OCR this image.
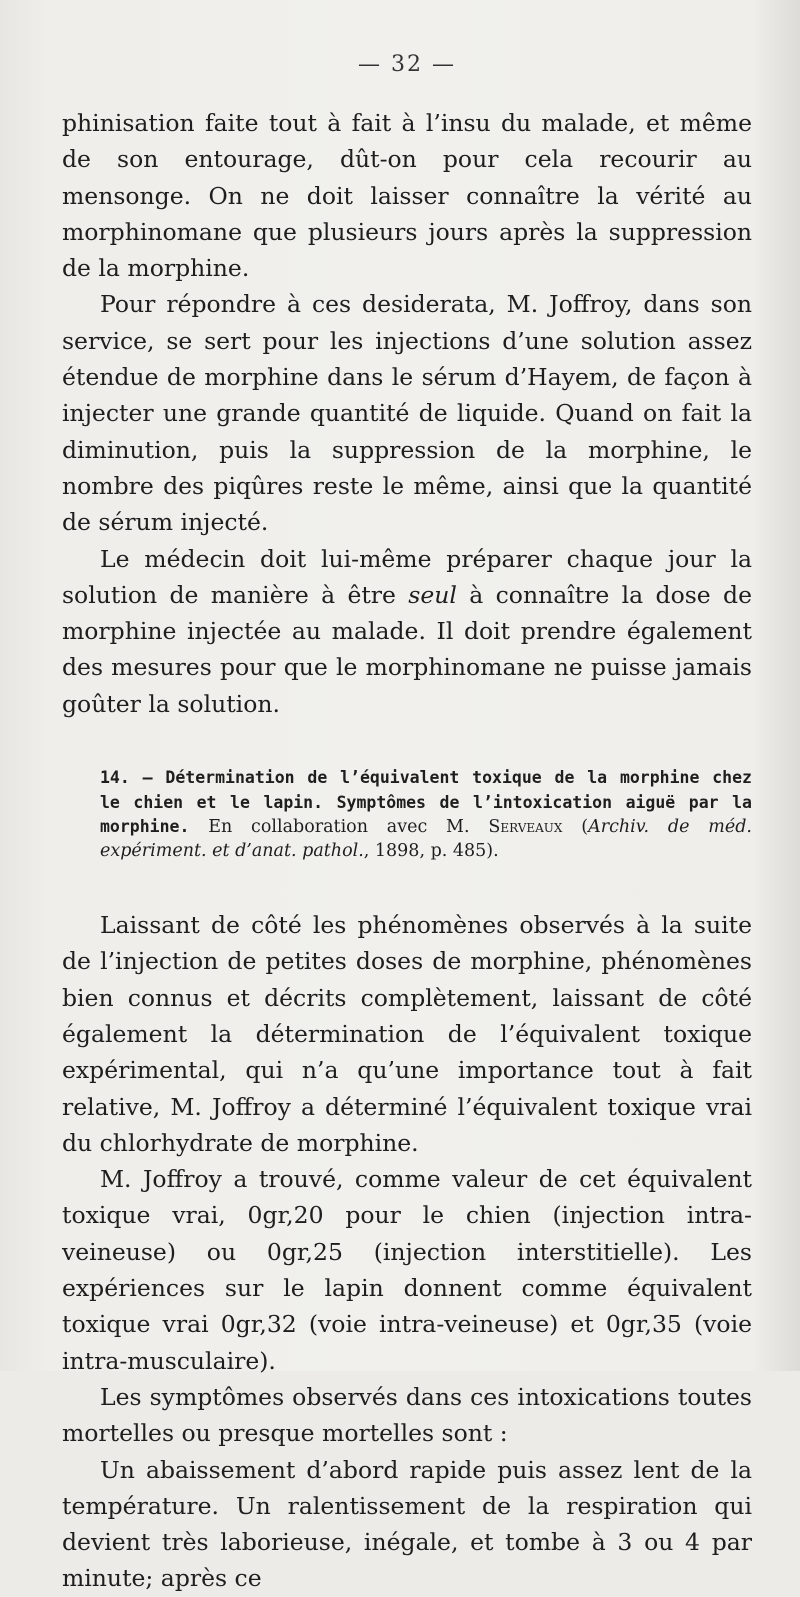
— 32 —

phinisation faite tout à fait à l’insu du malade, et même de son entourage, dût-on pour cela recourir au mensonge. On ne doit laisser connaître la vérité au morphinomane que plusieurs jours après la suppression de la morphine.

Pour répondre à ces desiderata, M. Joffroy, dans son service, se sert pour les injections d’une solution assez étendue de morphine dans le sérum d’Hayem, de façon à injecter une grande quantité de liquide. Quand on fait la diminution, puis la suppression de la morphine, le nombre des piqûres reste le même, ainsi que la quantité de sérum injecté.

Le médecin doit lui-même préparer chaque jour la solution de manière à être seul à connaître la dose de morphine injectée au malade. Il doit prendre également des mesures pour que le morphinomane ne puisse jamais goûter la solution.

14. — Détermination de l’équivalent toxique de la morphine chez le chien et le lapin. Symptômes de l’intoxication aiguë par la morphine. En collaboration avec M. Serveaux (Archiv. de méd. expériment. et d’anat. pathol., 1898, p. 485).

Laissant de côté les phénomènes observés à la suite de l’injection de petites doses de morphine, phénomènes bien connus et décrits complètement, laissant de côté également la détermination de l’équivalent toxique expérimental, qui n’a qu’une importance tout à fait relative, M. Joffroy a déterminé l’équivalent toxique vrai du chlorhydrate de morphine.

M. Joffroy a trouvé, comme valeur de cet équivalent toxique vrai, 0gr,20 pour le chien (injection intra-veineuse) ou 0gr,25 (injection interstitielle). Les expériences sur le lapin donnent comme équivalent toxique vrai 0gr,32 (voie intra-veineuse) et 0gr,35 (voie intra-musculaire).

Les symptômes observés dans ces intoxications toutes mortelles ou presque mortelles sont :

Un abaissement d’abord rapide puis assez lent de la température. Un ralentissement de la respiration qui devient très laborieuse, inégale, et tombe à 3 ou 4 par minute; après ce
